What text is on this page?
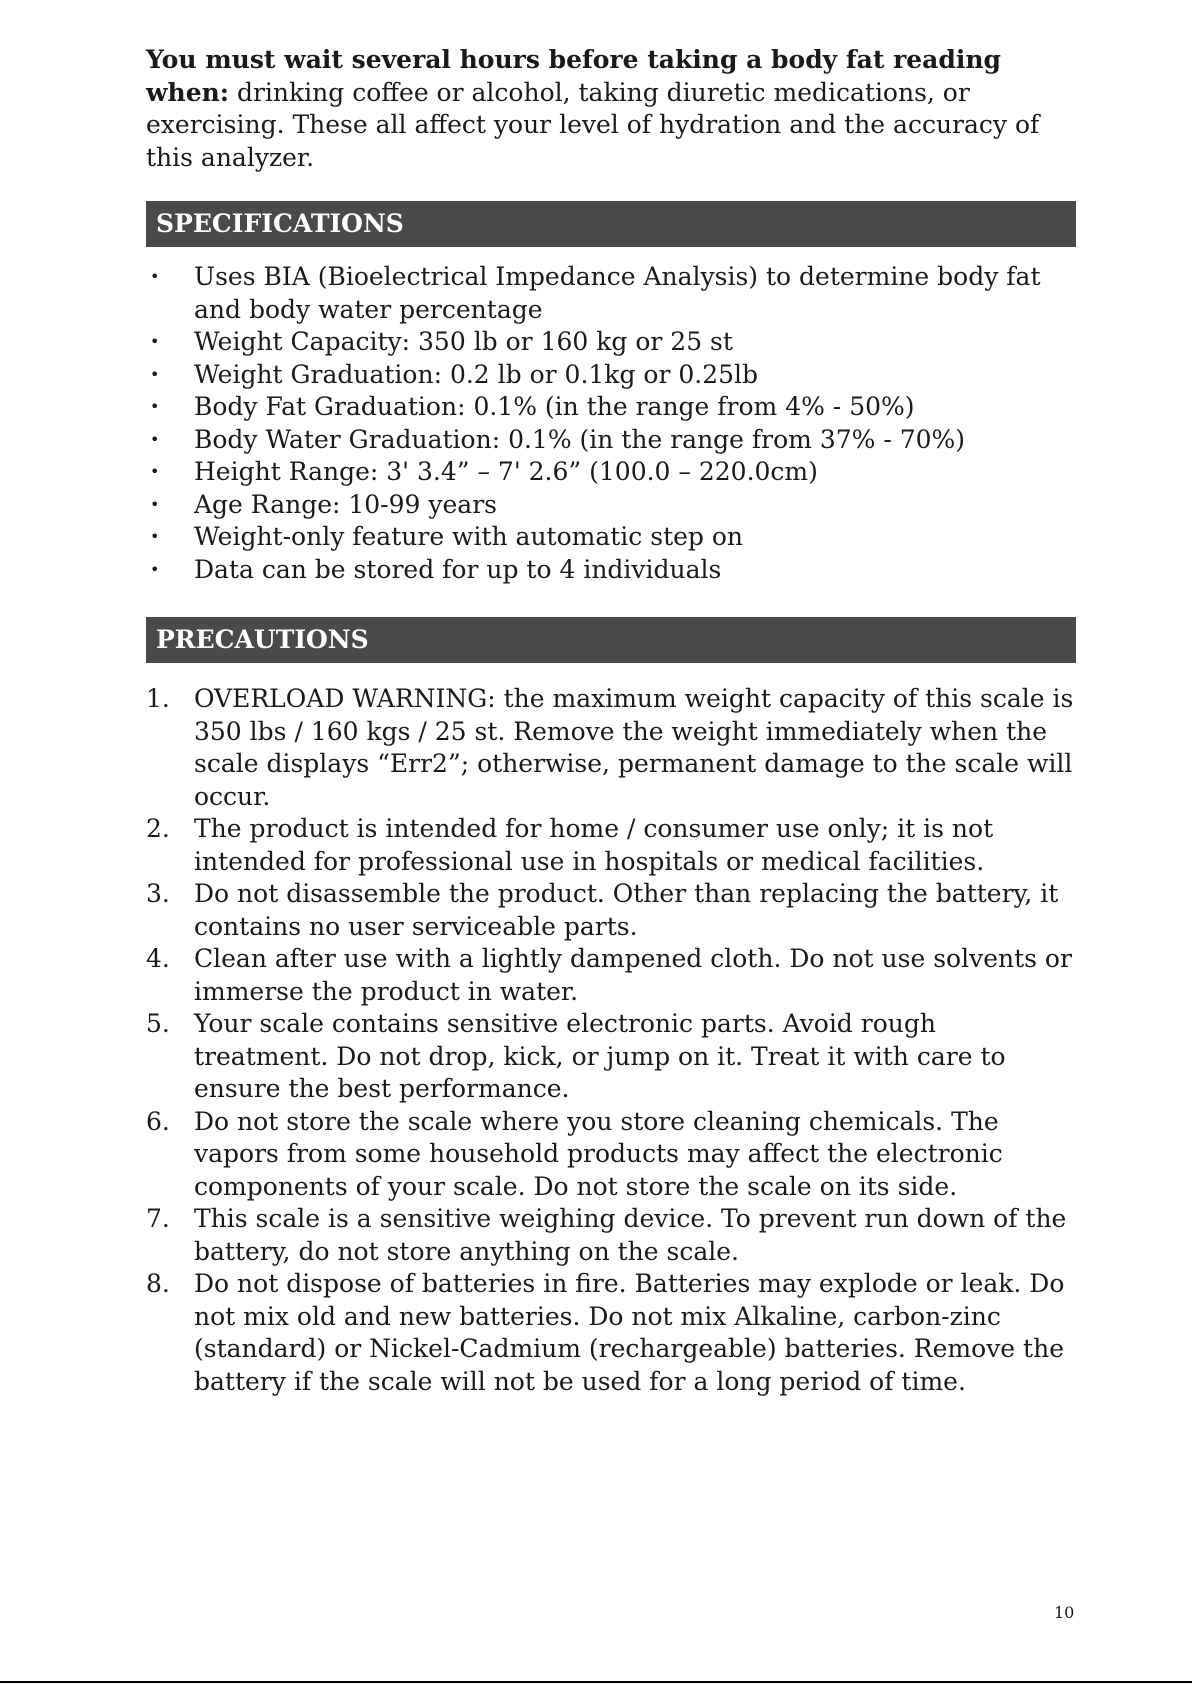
You must wait several hours before taking a body fat reading when: drinking coffee or alcohol, taking diuretic medications, or exercising. These all affect your level of hydration and the accuracy of this analyzer.

SPECIFICATIONS
• Uses BIA (Bioelectrical Impedance Analysis) to determine body fat and body water percentage
• Weight Capacity: 350 lb or 160 kg or 25 st
• Weight Graduation: 0.2 lb or 0.1kg or 0.25lb
• Body Fat Graduation: 0.1% (in the range from 4% - 50%)
• Body Water Graduation: 0.1% (in the range from 37% - 70%)
• Height Range: 3' 3.4” – 7' 2.6” (100.0 – 220.0cm)
• Age Range: 10-99 years
• Weight-only feature with automatic step on
• Data can be stored for up to 4 individuals
PRECAUTIONS
1. OVERLOAD WARNING: the maximum weight capacity of this scale is 350 lbs / 160 kgs / 25 st. Remove the weight immediately when the scale displays “Err2”; otherwise, permanent damage to the scale will occur.
2. The product is intended for home / consumer use only; it is not intended for professional use in hospitals or medical facilities.
3. Do not disassemble the product. Other than replacing the battery, it contains no user serviceable parts.
4. Clean after use with a lightly dampened cloth. Do not use solvents or immerse the product in water.
5. Your scale contains sensitive electronic parts. Avoid rough treatment. Do not drop, kick, or jump on it. Treat it with care to ensure the best performance.
6. Do not store the scale where you store cleaning chemicals. The vapors from some household products may affect the electronic components of your scale. Do not store the scale on its side.
7. This scale is a sensitive weighing device. To prevent run down of the battery, do not store anything on the scale.
8. Do not dispose of batteries in fire. Batteries may explode or leak. Do not mix old and new batteries. Do not mix Alkaline, carbon-zinc (standard) or Nickel-Cadmium (rechargeable) batteries. Remove the battery if the scale will not be used for a long period of time.
10
